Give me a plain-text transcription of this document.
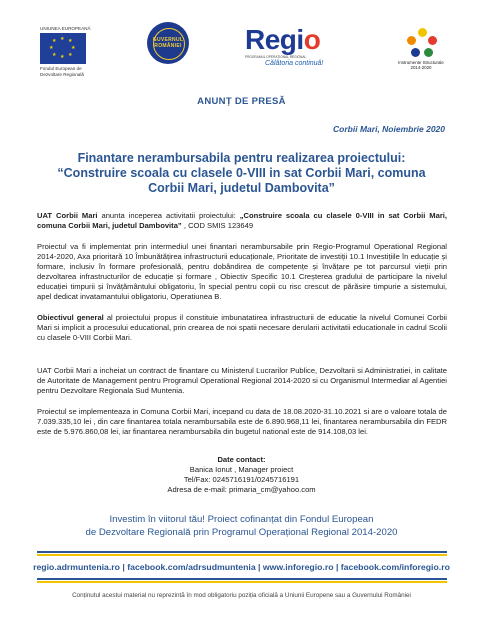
UNIUNEA EUROPEANĂ
★ ★
★
★
★
★
★
★
Fondul European de
Dezvoltare Regională
GUVERNUL ROMÂNIEI Regio
PROGRAMUL OPERAȚIONAL REGIONAL
Călătoria continuă!	Instrumente Structurale
2014-2020
ANUNȚ DE PRESĂ
Corbii Mari, Noiembrie 2020
Finantare nerambursabila pentru realizarea proiectului:
“Construire scoala cu clasele 0-VIII in sat Corbii Mari, comuna Corbii Mari, judetul Dambovita”
UAT Corbii Mari anunta inceperea activitatii proiectului: „Construire scoala cu clasele 0-VIII in sat Corbii Mari, comuna Corbii Mari, judetul Dambovita” , COD SMIS 123649
Proiectul va fi implementat prin intermediul unei finantari nerambursabile prin Regio-Programul Operational Regional 2014-2020, Axa prioritară 10 Îmbunătățirea infrastructurii educaționale, Prioritate de investiții 10.1 Investițiile în educație și formare, inclusiv în formare profesională, pentru dobândirea de competențe și învățare pe tot parcursul vieții prin dezvoltarea infrastructurilor de educație și formare , Obiectiv Specific 10.1 Creșterea gradului de participare la nivelul educației timpurii și învățământului obligatoriu, în special pentru copii cu risc crescut de părăsire timpurie a sistemului, apel dedicat invatamantului obligatoriu, Operatiunea B.
Obiectivul general al proiectului propus il constituie imbunatatirea infrastructurii de educatie la nivelul Comunei Corbii Mari si implicit a procesului educational, prin crearea de noi spatii necesare derularii activitatii educationale in cadrul Scolii cu clasele 0-VIII Corbii Mari.
UAT Corbii Mari a incheiat un contract de finantare cu Ministerul Lucrarilor Publice, Dezvoltarii si Administratiei, in calitate de Autoritate de Management pentru Programul Operational Regional 2014-2020 si cu Organismul Intermediar al Agentiei pentru Dezvoltare Regionala Sud Muntenia.
Proiectul se implementeaza in Comuna Corbii Mari, incepand cu data de 18.08.2020-31.10.2021 si are o valoare totala de 7.039.335,10 lei , din care finantarea totala nerambursabila este de 6.890.968,11 lei, finantarea nerambursabila din FEDR este de 5.976.860,08 lei, iar finantarea nerambursabila din bugetul national este de 914.108,03 lei.
Date contact:
Banica Ionut , Manager proiect
Tel/Fax: 0245716191/0245716191
Adresa de e-mail: primaria_cm@yahoo.com
Investim în viitorul tău! Proiect cofinanțat din Fondul European
de Dezvoltare Regională prin Programul Operațional Regional 2014-2020
regio.adrmuntenia.ro | facebook.com/adrsudmuntenia | www.inforegio.ro | facebook.com/inforegio.ro
Conținutul acestui material nu reprezintă în mod obligatoriu poziția oficială a Uniunii Europene sau a Guvernului României
